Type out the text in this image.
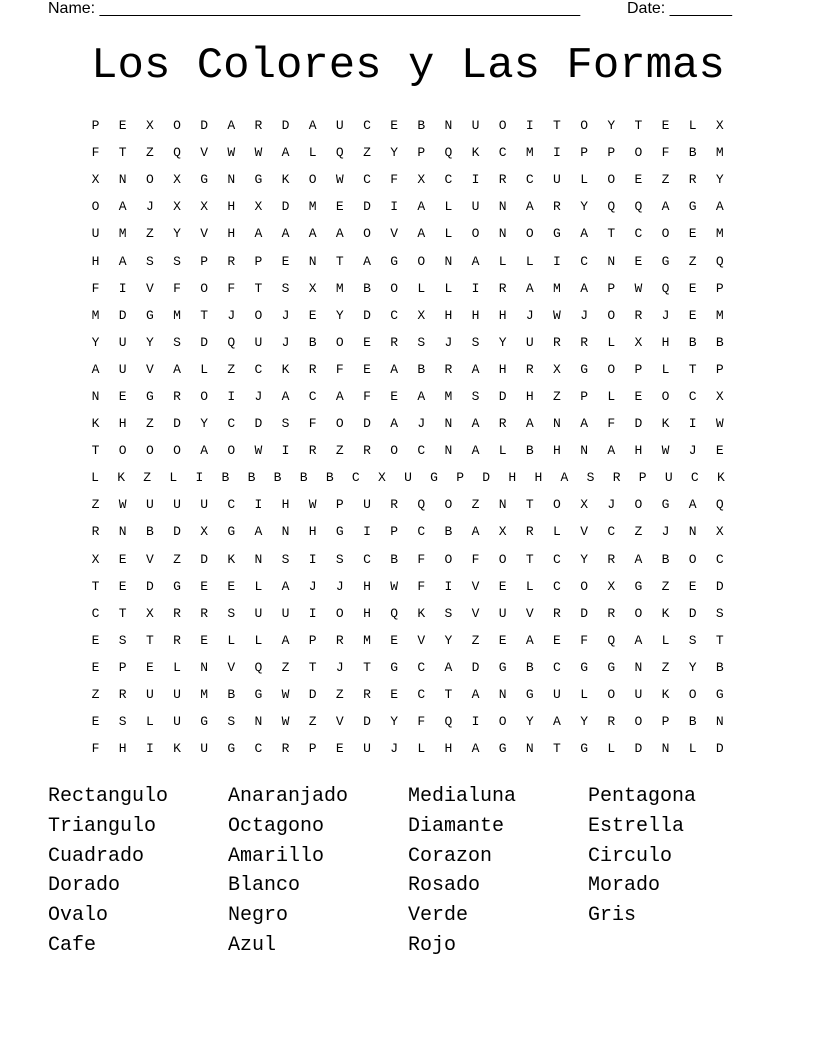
Name: ______________________________________________________	Date: _______
Los Colores y Las Formas
P	E	X	O	D	A	R	D	A	U	C	E	B	N	U	O	I	T	O	Y	T	E	L	X
F	T	Z	Q	V	W	W	A	L	Q	Z	Y	P	Q	K	C	M	I	P	P	O	F	B	M
X	N	O	X	G	N	G	K	O	W	C	F	X	C	I	R	C	U	L	O	E	Z	R	Y
O	A	J	X	X	H	X	D	M	E	D	I	A	L	U	N	A	R	Y	Q	Q	A	G	A
U	M	Z	Y	V	H	A	A	A	A	O	V	A	L	O	N	O	G	A	T	C	O	E	M
H	A	S	S	P	R	P	E	N	T	A	G	O	N	A	L	L	I	C	N	E	G	Z	Q
F	I	V	F	O	F	T	S	X	M	B	O	L	L	I	R	A	M	A	P	W	Q	E	P
M	D	G	M	T	J	O	J	E	Y	D	C	X	H	H	H	J	W	J	O	R	J	E	M
Y	U	Y	S	D	Q	U	J	B	O	E	R	S	J	S	Y	U	R	R	L	X	H	B	B
A	U	V	A	L	Z	C	K	R	F	E	A	B	R	A	H	R	X	G	O	P	L	T	P
N	E	G	R	O	I	J	A	C	A	F	E	A	M	S	D	H	Z	P	L	E	O	C	X
K	H	Z	D	Y	C	D	S	F	O	D	A	J	N	A	R	A	N	A	F	D	K	I	W
T	O	O	O	A	O	W	I	R	Z	R	O	C	N	A	L	B	H	N	A	H	W	J	E
L	K	Z	L	I	B	B	B	B	B	C	X	U	G	P	D	H	H	A	S	R	P	U	C	K
Z	W	U	U	U	C	I	H	W	P	U	R	Q	O	Z	N	T	O	X	J	O	G	A	Q
R	N	B	D	X	G	A	N	H	G	I	P	C	B	A	X	R	L	V	C	Z	J	N	X
X	E	V	Z	D	K	N	S	I	S	C	B	F	O	F	O	T	C	Y	R	A	B	O	C
T	E	D	G	E	E	L	A	J	J	H	W	F	I	V	E	L	C	O	X	G	Z	E	D
C	T	X	R	R	S	U	U	I	O	H	Q	K	S	V	U	V	R	D	R	O	K	D	S
E	S	T	R	E	L	L	A	P	R	M	E	V	Y	Z	E	A	E	F	Q	A	L	S	T
E	P	E	L	N	V	Q	Z	T	J	T	G	C	A	D	G	B	C	G	G	N	Z	Y	B
Z	R	U	U	M	B	G	W	D	Z	R	E	C	T	A	N	G	U	L	O	U	K	O	G
E	S	L	U	G	S	N	W	Z	V	D	Y	F	Q	I	O	Y	A	Y	R	O	P	B	N
F	H	I	K	U	G	C	R	P	E	U	J	L	H	A	G	N	T	G	L	D	N	L	D
Rectangulo	Anaranjado	Medialuna	Pentagona
Triangulo	Octagono	Diamante	Estrella
Cuadrado	Amarillo	Corazon	Circulo
Dorado	Blanco	Rosado	Morado
Ovalo	Negro	Verde	Gris
Cafe	Azul	Rojo
